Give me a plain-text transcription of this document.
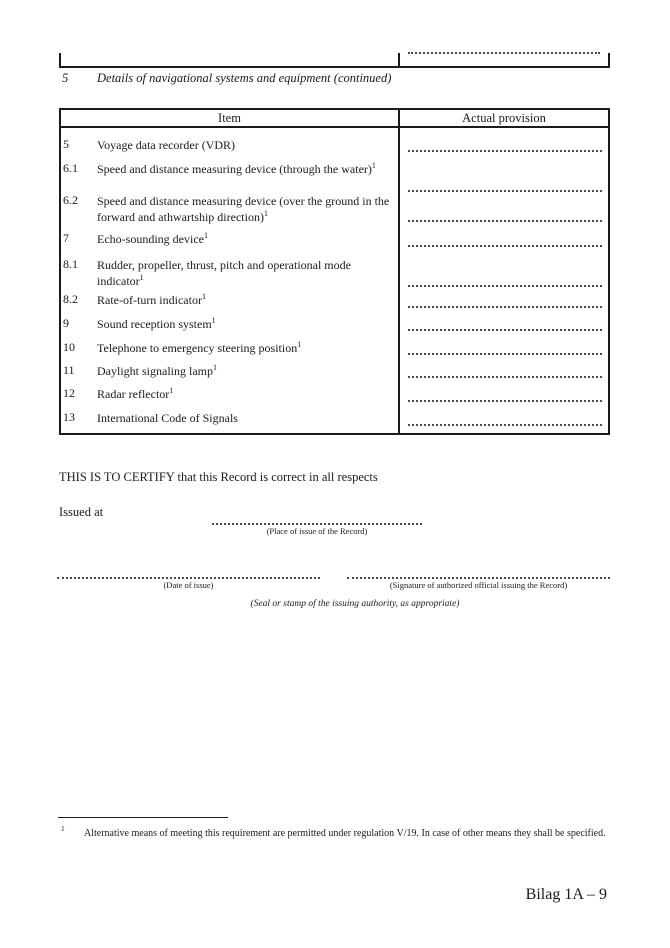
5 Details of navigational systems and equipment (continued)
Item	Actual provision
5 Voyage data recorder (VDR)
6.1 Speed and distance measuring device (through the water)$^1$
6.2 Speed and distance measuring device (over the ground in the forward and athwartship direction)$^1$
7 Echo-sounding device$^1$
8.1 Rudder, propeller, thrust, pitch and operational mode indicator$^1$
8.2 Rate-of-turn indicator$^1$
9 Sound reception system$^1$
10 Telephone to emergency steering position$^1$
11 Daylight signaling lamp$^1$
12 Radar reflector$^1$
13 International Code of Signals
THIS IS TO CERTIFY that this Record is correct in all respects
Issued at
(Place of issue of the Record)
(Date of issue)	(Signature of authorized official issuing the Record)
(Seal or stamp of the issuing authority, as appropriate)
1 Alternative means of meeting this requirement are permitted under regulation V/19. In case of other means they shall be specified.
Bilag 1A – 9
